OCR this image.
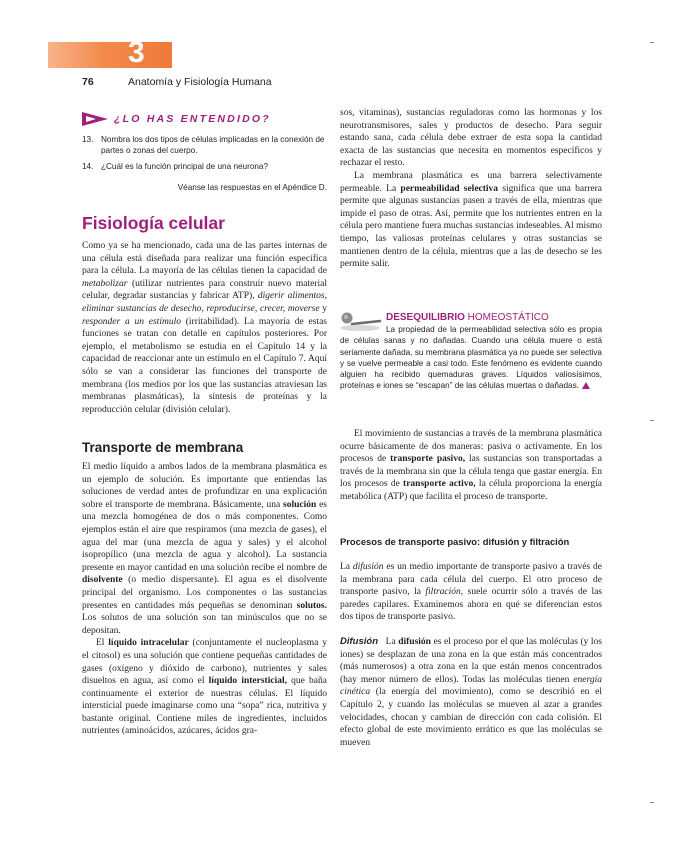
3
76	Anatomía y Fisiología Humana
¿LO HAS ENTENDIDO?
13. Nombra los dos tipos de células implicadas en la conexión de partes o zonas del cuerpo.
14. ¿Cuál es la función principal de una neurona?
Véanse las respuestas en el Apéndice D.
Fisiología celular

Como ya se ha mencionado, cada una de las partes internas de una célula está diseñada para realizar una función específica para la célula. La mayoría de las células tienen la capacidad de metabolizar (utilizar nutrientes para construir nuevo material celular, degradar sustancias y fabricar ATP), digerir alimentos, eliminar sustancias de desecho, reproducirse, crecer, moverse y responder a un estímulo (irritabilidad). La mayoría de estas funciones se tratan con detalle en capítulos posteriores. Por ejemplo, el metabolismo se estudia en el Capítulo 14 y la capacidad de reaccionar ante un estímulo en el Capítulo 7. Aquí sólo se van a considerar las funciones del transporte de membrana (los medios por los que las sustancias atraviesan las membranas plasmáticas), la síntesis de proteínas y la reproducción celular (división celular).

Transporte de membrana

El medio líquido a ambos lados de la membrana plasmática es un ejemplo de solución. Es importante que entiendas las soluciones de verdad antes de profundizar en una explicación sobre el transporte de membrana. Básicamente, una solución es una mezcla homogénea de dos o más componentes. Como ejemplos están el aire que respiramos (una mezcla de gases), el agua del mar (una mezcla de agua y sales) y el alcohol isopropílico (una mezcla de agua y alcohol). La sustancia presente en mayor cantidad en una solución recibe el nombre de disolvente (o medio dispersante). El agua es el disolvente principal del organismo. Los componentes o las sustancias presentes en cantidades más pequeñas se denominan solutos. Los solutos de una solución son tan minúsculos que no se depositan.

El líquido intracelular (conjuntamente el nucleoplasma y el citosol) es una solución que contiene pequeñas cantidades de gases (oxígeno y dióxido de carbono), nutrientes y sales disueltos en agua, así como el líquido intersticial, que baña continuamente el exterior de nuestras células. El líquido intersticial puede imaginarse como una “sopa” rica, nutritiva y bastante original. Contiene miles de ingredientes, incluidos nutrientes (aminoácidos, azúcares, ácidos gra-

sos, vitaminas), sustancias reguladoras como las hormonas y los neurotransmisores, sales y productos de desecho. Para seguir estando sana, cada célula debe extraer de esta sopa la cantidad exacta de las sustancias que necesita en momentos específicos y rechazar el resto.

La membrana plasmática es una barrera selectivamente permeable. La permeabilidad selectiva significa que una barrera permite que algunas sustancias pasen a través de ella, mientras que impide el paso de otras. Así, permite que los nutrientes entren en la célula pero mantiene fuera muchas sustancias indeseables. Al mismo tiempo, las valiosas proteínas celulares y otras sustancias se mantienen dentro de la célula, mientras que a las de desecho se les permite salir.

DESEQUILIBRIO HOMEOSTÁTICO
La propiedad de la permeabilidad selectiva sólo es propia de células sanas y no dañadas. Cuando una célula muere o está seriamente dañada, su membrana plasmática ya no puede ser selectiva y se vuelve permeable a casi todo. Este fenómeno es evidente cuando alguien ha recibido quemaduras graves. Líquidos valiosísimos, proteínas e iones se “escapan” de las células muertas o dañadas.

El movimiento de sustancias a través de la membrana plasmática ocurre básicamente de dos maneras: pasiva o activamente. En los procesos de transporte pasivo, las sustancias son transportadas a través de la membrana sin que la célula tenga que gastar energía. En los procesos de transporte activo, la célula proporciona la energía metabólica (ATP) que facilita el proceso de transporte.

Procesos de transporte pasivo: difusión y filtración

La difusión es un medio importante de transporte pasivo a través de la membrana para cada célula del cuerpo. El otro proceso de transporte pasivo, la filtración, suele ocurrir sólo a través de las paredes capilares. Examinemos ahora en qué se diferencian estos dos tipos de transporte pasivo.

Difusión La difusión es el proceso por el que las moléculas (y los iones) se desplazan de una zona en la que están más concentrados (más numerosos) a otra zona en la que están menos concentrados (hay menor número de ellos). Todas las moléculas tienen energía cinética (la energía del movimiento), como se describió en el Capítulo 2, y cuando las moléculas se mueven al azar a grandes velocidades, chocan y cambian de dirección con cada colisión. El efecto global de este movimiento errático es que las moléculas se mueven
